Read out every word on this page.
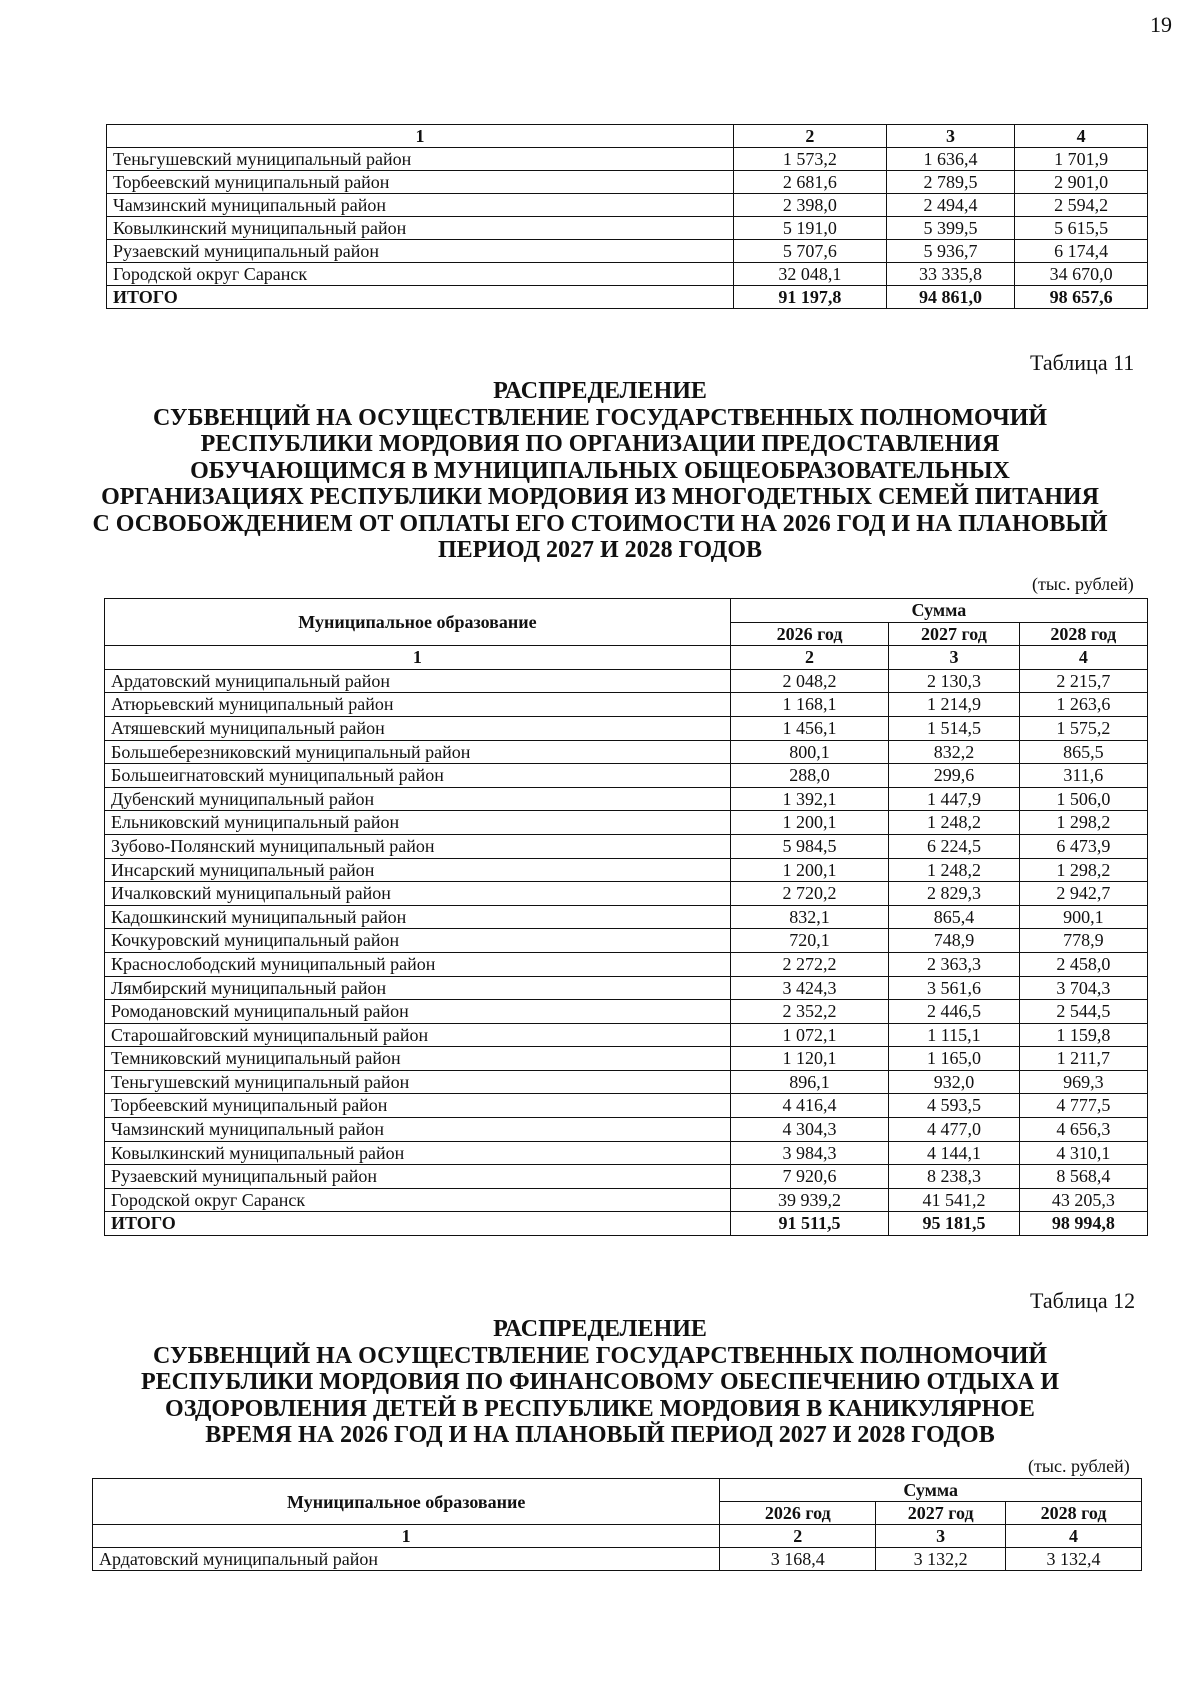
19
1	2	3	4
Теньгушевский муниципальный район	1 573,2	1 636,4	1 701,9
Торбеевский муниципальный район	2 681,6	2 789,5	2 901,0
Чамзинский муниципальный район	2 398,0	2 494,4	2 594,2
Ковылкинский муниципальный район	5 191,0	5 399,5	5 615,5
Рузаевский муниципальный район	5 707,6	5 936,7	6 174,4
Городской округ Саранск	32 048,1	33 335,8	34 670,0
ИТОГО	91 197,8	94 861,0	98 657,6
Таблица 11
РАСПРЕДЕЛЕНИЕ
СУБВЕНЦИЙ НА ОСУЩЕСТВЛЕНИЕ ГОСУДАРСТВЕННЫХ ПОЛНОМОЧИЙ
РЕСПУБЛИКИ МОРДОВИЯ ПО ОРГАНИЗАЦИИ ПРЕДОСТАВЛЕНИЯ
ОБУЧАЮЩИМСЯ В МУНИЦИПАЛЬНЫХ ОБЩЕОБРАЗОВАТЕЛЬНЫХ
ОРГАНИЗАЦИЯХ РЕСПУБЛИКИ МОРДОВИЯ ИЗ МНОГОДЕТНЫХ СЕМЕЙ ПИТАНИЯ
С ОСВОБОЖДЕНИЕМ ОТ ОПЛАТЫ ЕГО СТОИМОСТИ НА 2026 ГОД И НА ПЛАНОВЫЙ
ПЕРИОД 2027 И 2028 ГОДОВ
(тыс. рублей)
Муниципальное образование	Сумма		
	2026 год	2027 год	2028 год
1	2	3	4
Ардатовский муниципальный район	2 048,2	2 130,3	2 215,7
Атюрьевский муниципальный район	1 168,1	1 214,9	1 263,6
Атяшевский муниципальный район	1 456,1	1 514,5	1 575,2
Большеберезниковский муниципальный район	800,1	832,2	865,5
Большеигнатовский муниципальный район	288,0	299,6	311,6
Дубенский муниципальный район	1 392,1	1 447,9	1 506,0
Ельниковский муниципальный район	1 200,1	1 248,2	1 298,2
Зубово-Полянский муниципальный район	5 984,5	6 224,5	6 473,9
Инсарский муниципальный район	1 200,1	1 248,2	1 298,2
Ичалковский муниципальный район	2 720,2	2 829,3	2 942,7
Кадошкинский муниципальный район	832,1	865,4	900,1
Кочкуровский муниципальный район	720,1	748,9	778,9
Краснослободский муниципальный район	2 272,2	2 363,3	2 458,0
Лямбирский муниципальный район	3 424,3	3 561,6	3 704,3
Ромодановский муниципальный район	2 352,2	2 446,5	2 544,5
Старошайговский муниципальный район	1 072,1	1 115,1	1 159,8
Темниковский муниципальный район	1 120,1	1 165,0	1 211,7
Теньгушевский муниципальный район	896,1	932,0	969,3
Торбеевский муниципальный район	4 416,4	4 593,5	4 777,5
Чамзинский муниципальный район	4 304,3	4 477,0	4 656,3
Ковылкинский муниципальный район	3 984,3	4 144,1	4 310,1
Рузаевский муниципальный район	7 920,6	8 238,3	8 568,4
Городской округ Саранск	39 939,2	41 541,2	43 205,3
ИТОГО	91 511,5	95 181,5	98 994,8
Таблица 12
РАСПРЕДЕЛЕНИЕ
СУБВЕНЦИЙ НА ОСУЩЕСТВЛЕНИЕ ГОСУДАРСТВЕННЫХ ПОЛНОМОЧИЙ
РЕСПУБЛИКИ МОРДОВИЯ ПО ФИНАНСОВОМУ ОБЕСПЕЧЕНИЮ ОТДЫХА И
ОЗДОРОВЛЕНИЯ ДЕТЕЙ В РЕСПУБЛИКЕ МОРДОВИЯ В КАНИКУЛЯРНОЕ
ВРЕМЯ НА 2026 ГОД И НА ПЛАНОВЫЙ ПЕРИОД 2027 И 2028 ГОДОВ
(тыс. рублей)
Муниципальное образование	Сумма		
	2026 год	2027 год	2028 год
1	2	3	4
Ардатовский муниципальный район	3 168,4	3 132,2	3 132,4
